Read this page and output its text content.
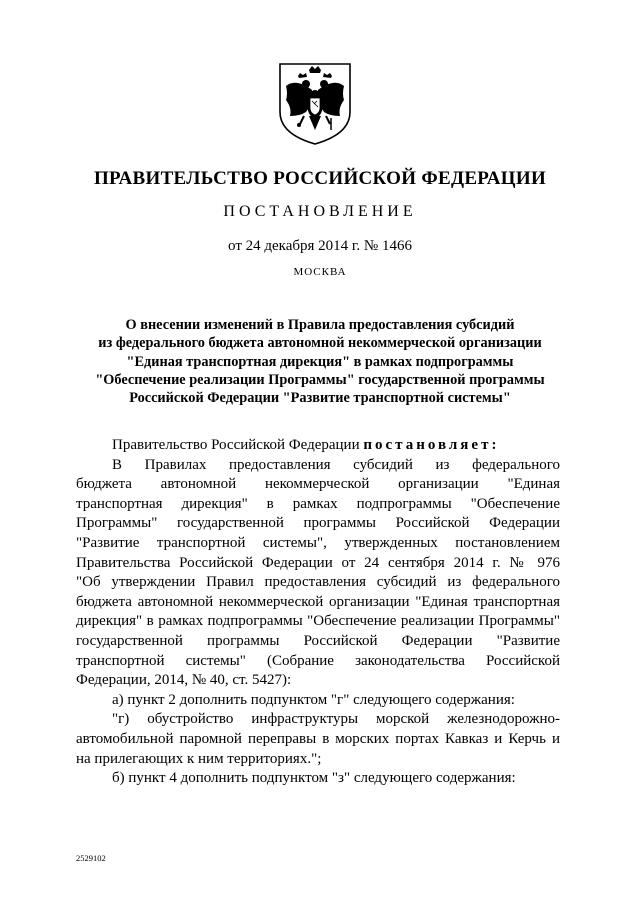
ПРАВИТЕЛЬСТВО РОССИЙСКОЙ ФЕДЕРАЦИИ
ПОСТАНОВЛЕНИЕ
от 24 декабря 2014 г. № 1466
МОСКВА
О внесении изменений в Правила предоставления субсидий
из федерального бюджета автономной некоммерческой организации
"Единая транспортная дирекция" в рамках подпрограммы
"Обеспечение реализации Программы" государственной программы
Российской Федерации "Развитие транспортной системы"
Правительство Российской Федерации постановляет:
В Правилах предоставления субсидий из федерального
бюджета автономной некоммерческой организации "Единая
транспортная дирекция" в рамках подпрограммы "Обеспечение
Программы" государственной программы Российской Федерации
"Развитие транспортной системы", утвержденных постановлением
Правительства Российской Федерации от 24 сентября 2014 г. № 976
"Об утверждении Правил предоставления субсидий из федерального
бюджета автономной некоммерческой организации "Единая транспортная
дирекция" в рамках подпрограммы "Обеспечение реализации Программы"
государственной программы Российской Федерации "Развитие
транспортной системы" (Собрание законодательства Российской
Федерации, 2014, № 40, ст. 5427):
а) пункт 2 дополнить подпунктом "г" следующего содержания:
"г) обустройство инфраструктуры морской железнодорожно-
автомобильной паромной переправы в морских портах Кавказ и Керчь и
на прилегающих к ним территориях.";
б) пункт 4 дополнить подпунктом "з" следующего содержания:
2529102
